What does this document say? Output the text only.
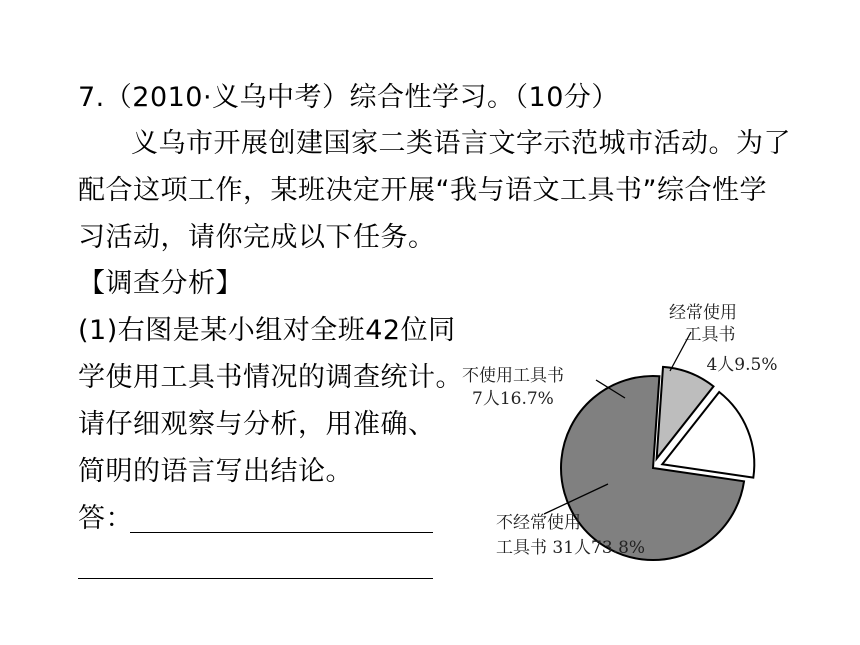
7.（2010·义乌中考）综合性学习。（10分）
义乌市开展创建国家二类语言文字示范城市活动。为了
配合这项工作，某班决定开展“我与语文工具书”综合性学
习活动，请你完成以下任务。
【调查分析】
(1)右图是某小组对全班42位同
学使用工具书情况的调查统计。
请仔细观察与分析，用准确、
简明的语言写出结论。
答：
经常使用
工具书
4人9.5%
不使用工具书
7人16.7%
不经常使用
工具书 31人73.8%
